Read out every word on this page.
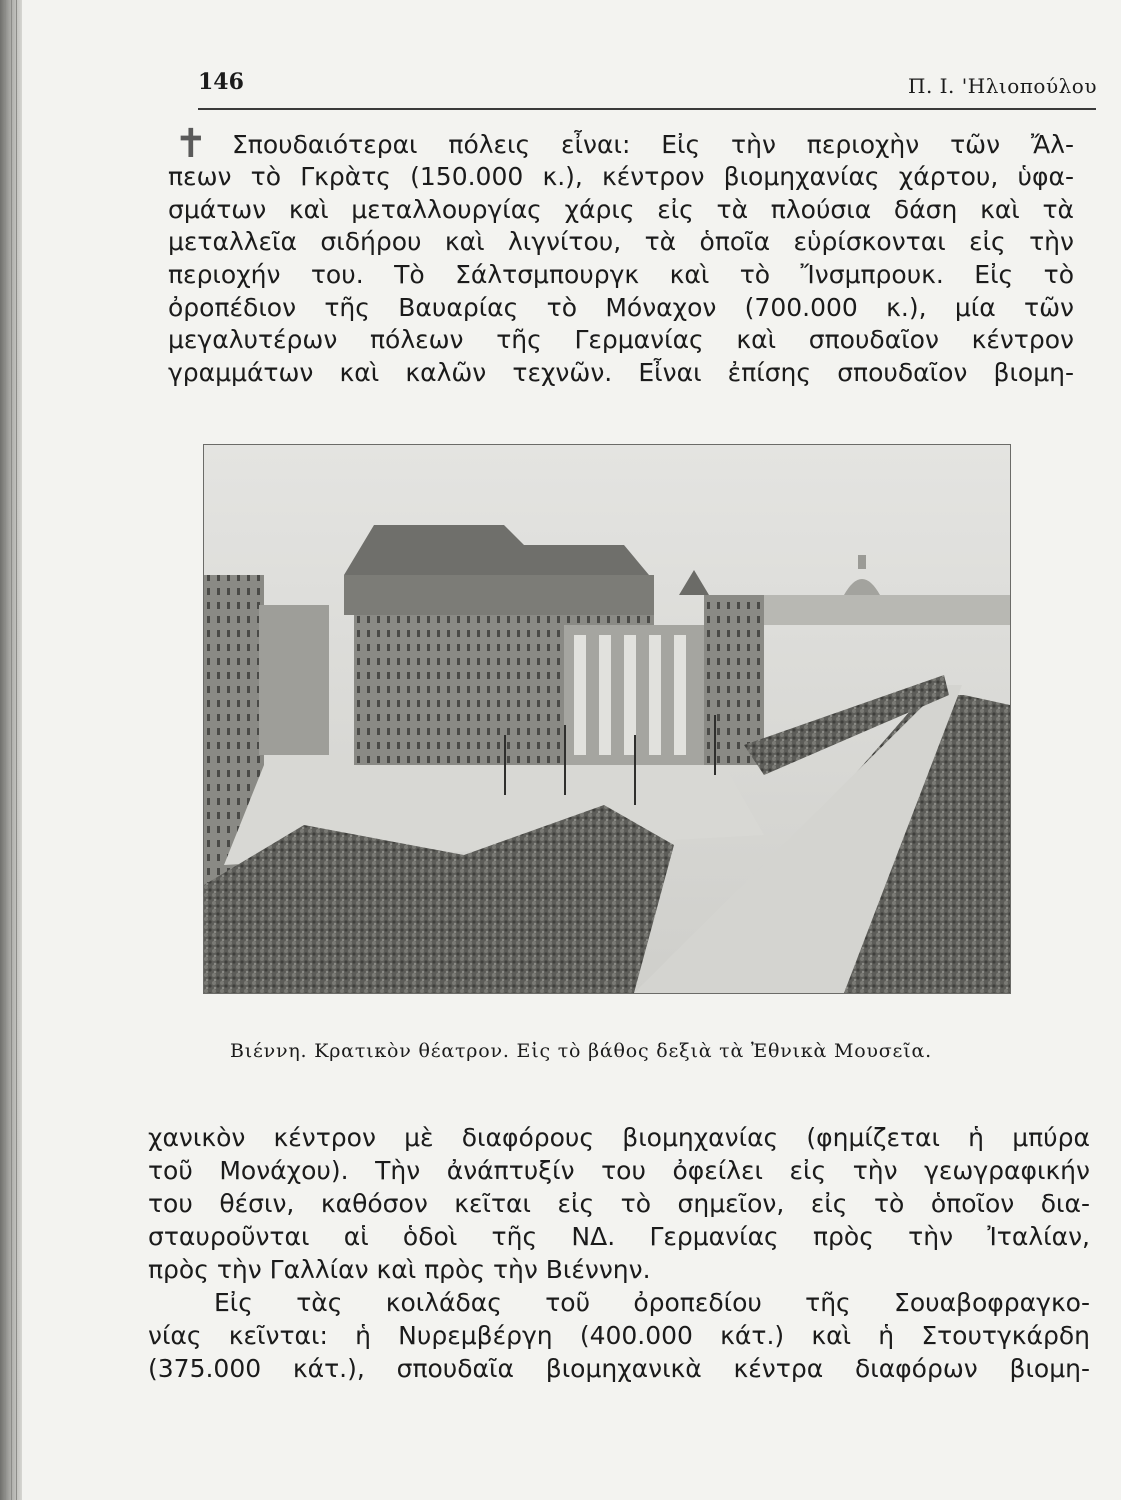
146	Π. Ι. 'Ηλιοπούλου
✝ Σπουδαιότεραι πόλεις εἶναι: Εἰς τὴν περιοχὴν τῶν Ἄλ-
πεων τὸ Γκρὰτς (150.000 κ.), κέντρον βιομηχανίας χάρτου, ὑφα-
σμάτων καὶ μεταλλουργίας χάρις εἰς τὰ πλούσια δάση καὶ τὰ
μεταλλεῖα σιδήρου καὶ λιγνίτου, τὰ ὁποῖα εὑρίσκονται εἰς τὴν
περιοχήν του. Τὸ Σάλτσμπουργκ καὶ τὸ Ἴνσμπρουκ. Εἰς τὸ
ὀροπέδιον τῆς Βαυαρίας τὸ Μόναχον (700.000 κ.), μία τῶν
μεγαλυτέρων πόλεων τῆς Γερμανίας καὶ σπουδαῖον κέντρον
γραμμάτων καὶ καλῶν τεχνῶν. Εἶναι ἐπίσης σπουδαῖον βιομη-
Βιέννη. Κρατικὸν θέατρον. Εἰς τὸ βάθος δεξιὰ τὰ Ἐθνικὰ Μουσεῖα.
χανικὸν κέντρον μὲ διαφόρους βιομηχανίας (φημίζεται ἡ μπύρα
τοῦ Μονάχου). Τὴν ἀνάπτυξίν του ὀφείλει εἰς τὴν γεωγραφικήν
του θέσιν, καθόσον κεῖται εἰς τὸ σημεῖον, εἰς τὸ ὁποῖον δια-
σταυροῦνται αἱ ὁδοὶ τῆς ΝΔ. Γερμανίας πρὸς τὴν Ἰταλίαν,
πρὸς τὴν Γαλλίαν καὶ πρὸς τὴν Βιέννην.
Εἰς τὰς κοιλάδας τοῦ ὀροπεδίου τῆς Σουαβοφραγκο-
νίας κεῖνται: ἡ Νυρεμβέργη (400.000 κάτ.) καὶ ἡ Στουτγκάρδη
(375.000 κάτ.), σπουδαῖα βιομηχανικὰ κέντρα διαφόρων βιομη-
